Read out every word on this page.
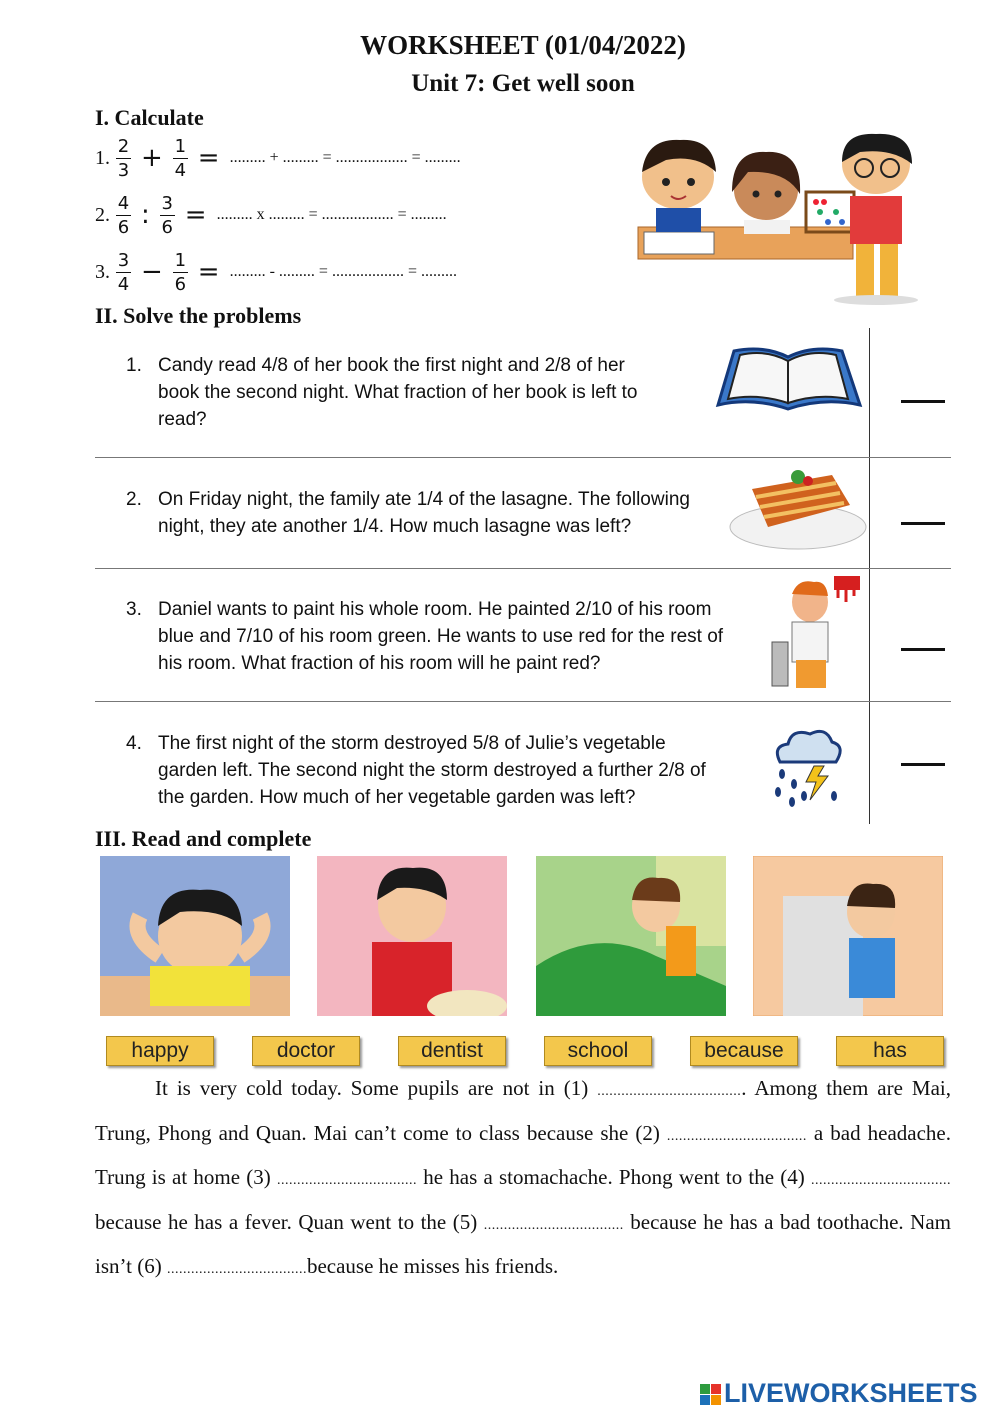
WORKSHEET (01/04/2022)
Unit 7: Get well soon
I. Calculate
1. $\frac{2}{3} + \frac{1}{4}$ = ......... + ......... = .................. = .........
2. $\frac{4}{6}$ : $\frac{3}{6}$ = ......... x ......... = .................. = .........
3. $\frac{3}{4} - \frac{1}{6}$ = ......... - ......... = .................. = .........
II. Solve the problems
1. Candy read 4/8 of her book the first night and 2/8 of her
book the second night. What fraction of her book is left to
read?
2. On Friday night, the family ate 1/4 of the lasagne. The following
night, they ate another 1/4. How much lasagne was left?
3. Daniel wants to paint his whole room. He painted 2/10 of his room
blue and 7/10 of his room green. He wants to use red for the rest of
his room. What fraction of his room will he paint red?
4. The first night of the storm destroyed 5/8 of Julie’s vegetable
garden left. The second night the storm destroyed a further 2/8 of
the garden. How much of her vegetable garden was left?
III. Read and complete
happy	doctor	dentist	school	because	has
It is very cold today. Some pupils are not in (1) ..................................... Among them are Mai, Trung, Phong and Quan. Mai can’t come to class because she (2) ................................... a bad headache. Trung is at home (3) ................................... he has a stomachache. Phong went to the (4) ................................... because he has a fever. Quan went to the (5) ................................... because he has a bad toothache. Nam isn’t (6) ...................................because he misses his friends.
LIVEWORKSHEETS
